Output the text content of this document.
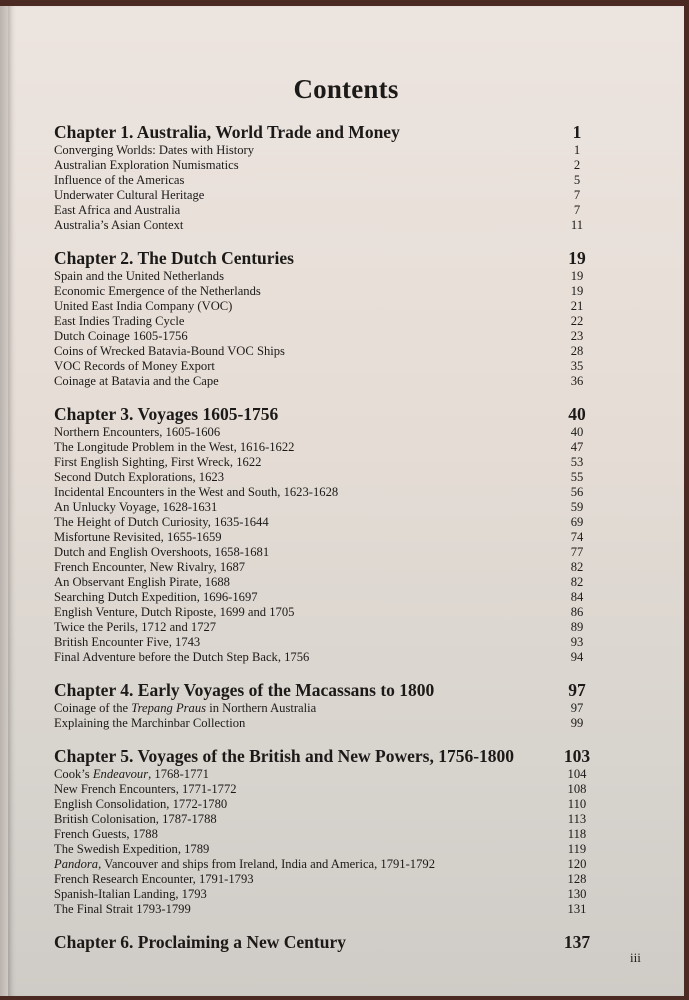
Contents
Chapter 1. Australia, World Trade and Money	1
Converging Worlds: Dates with History	1
Australian Exploration Numismatics	2
Influence of the Americas	5
Underwater Cultural Heritage	7
East Africa and Australia	7
Australia’s Asian Context	11
Chapter 2. The Dutch Centuries	19
Spain and the United Netherlands	19
Economic Emergence of the Netherlands	19
United East India Company (VOC)	21
East Indies Trading Cycle	22
Dutch Coinage 1605-1756	23
Coins of Wrecked Batavia-Bound VOC Ships	28
VOC Records of Money Export	35
Coinage at Batavia and the Cape	36
Chapter 3. Voyages 1605-1756	40
Northern Encounters, 1605-1606	40
The Longitude Problem in the West, 1616-1622	47
First English Sighting, First Wreck, 1622	53
Second Dutch Explorations, 1623	55
Incidental Encounters in the West and South, 1623-1628	56
An Unlucky Voyage, 1628-1631	59
The Height of Dutch Curiosity, 1635-1644	69
Misfortune Revisited, 1655-1659	74
Dutch and English Overshoots, 1658-1681	77
French Encounter, New Rivalry, 1687	82
An Observant English Pirate, 1688	82
Searching Dutch Expedition, 1696-1697	84
English Venture, Dutch Riposte, 1699 and 1705	86
Twice the Perils, 1712 and 1727	89
British Encounter Five, 1743	93
Final Adventure before the Dutch Step Back, 1756	94
Chapter 4. Early Voyages of the Macassans to 1800	97
Coinage of the Trepang Praus in Northern Australia	97
Explaining the Marchinbar Collection	99
Chapter 5. Voyages of the British and New Powers, 1756-1800	103
Cook’s Endeavour, 1768-1771	104
New French Encounters, 1771-1772	108
English Consolidation, 1772-1780	110
British Colonisation, 1787-1788	113
French Guests, 1788	118
The Swedish Expedition, 1789	119
Pandora, Vancouver and ships from Ireland, India and America, 1791-1792	120
French Research Encounter, 1791-1793	128
Spanish-Italian Landing, 1793	130
The Final Strait 1793-1799	131
Chapter 6. Proclaiming a New Century	137
iii
